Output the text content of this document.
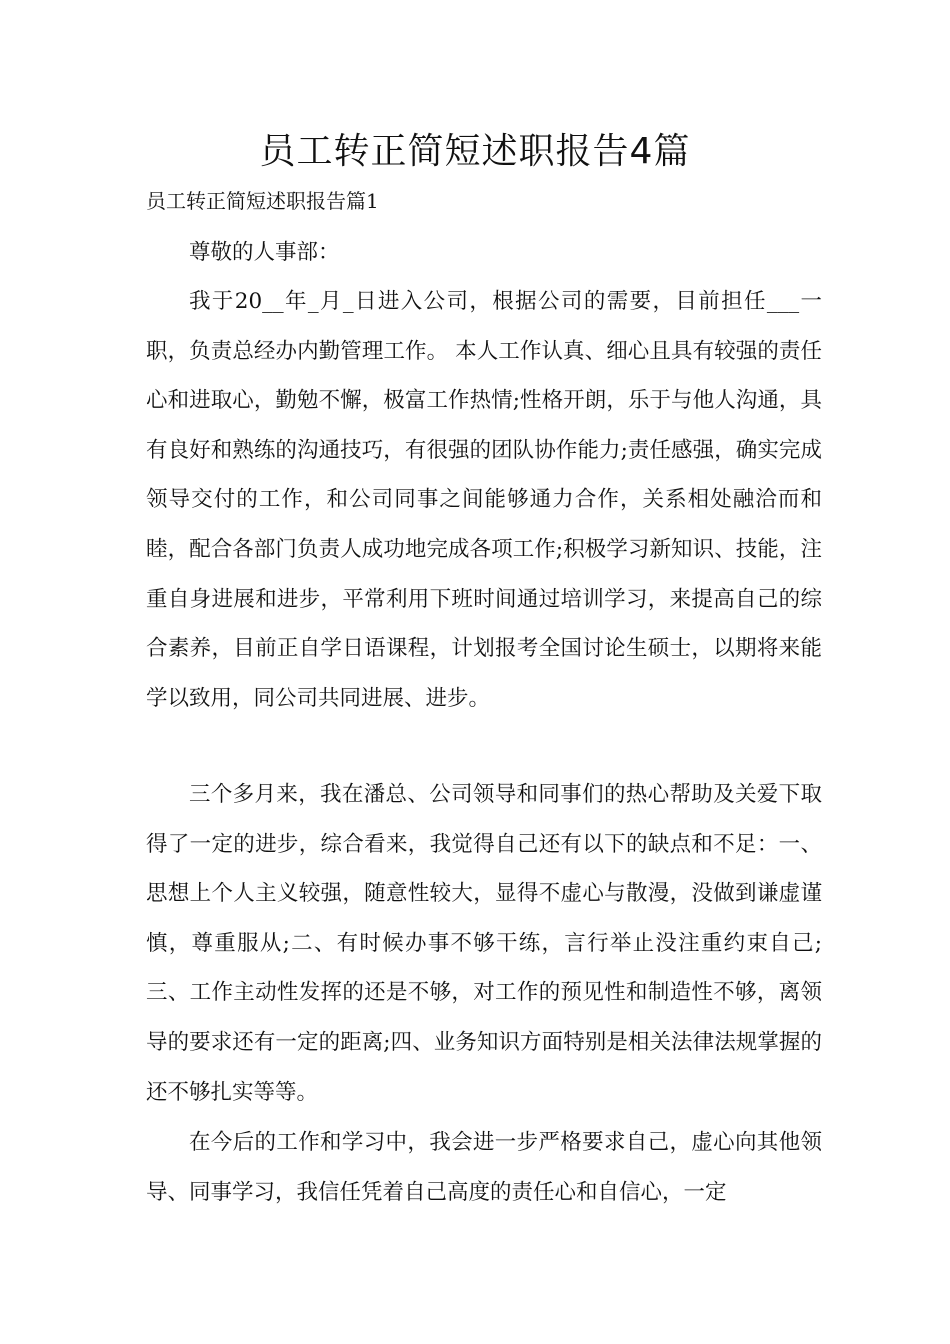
员工转正简短述职报告4篇

员工转正简短述职报告篇1

尊敬的人事部：

我于20__年_月_日进入公司，根据公司的需要，目前担任___一职，负责总经办内勤管理工作。 本人工作认真、细心且具有较强的责任心和进取心，勤勉不懈，极富工作热情;性格开朗，乐于与他人沟通，具有良好和熟练的沟通技巧，有很强的团队协作能力;责任感强，确实完成领导交付的工作，和公司同事之间能够通力合作，关系相处融洽而和睦，配合各部门负责人成功地完成各项工作;积极学习新知识、技能，注重自身进展和进步，平常利用下班时间通过培训学习，来提高自己的综合素养，目前正自学日语课程，计划报考全国讨论生硕士，以期将来能学以致用，同公司共同进展、进步。

三个多月来，我在潘总、公司领导和同事们的热心帮助及关爱下取得了一定的进步，综合看来，我觉得自己还有以下的缺点和不足：一、思想上个人主义较强，随意性较大，显得不虚心与散漫，没做到谦虚谨慎，尊重服从;二、有时候办事不够干练，言行举止没注重约束自己;三、工作主动性发挥的还是不够，对工作的预见性和制造性不够，离领导的要求还有一定的距离;四、业务知识方面特别是相关法律法规掌握的还不够扎实等等。

在今后的工作和学习中，我会进一步严格要求自己，虚心向其他领导、同事学习，我信任凭着自己高度的责任心和自信心，一定
